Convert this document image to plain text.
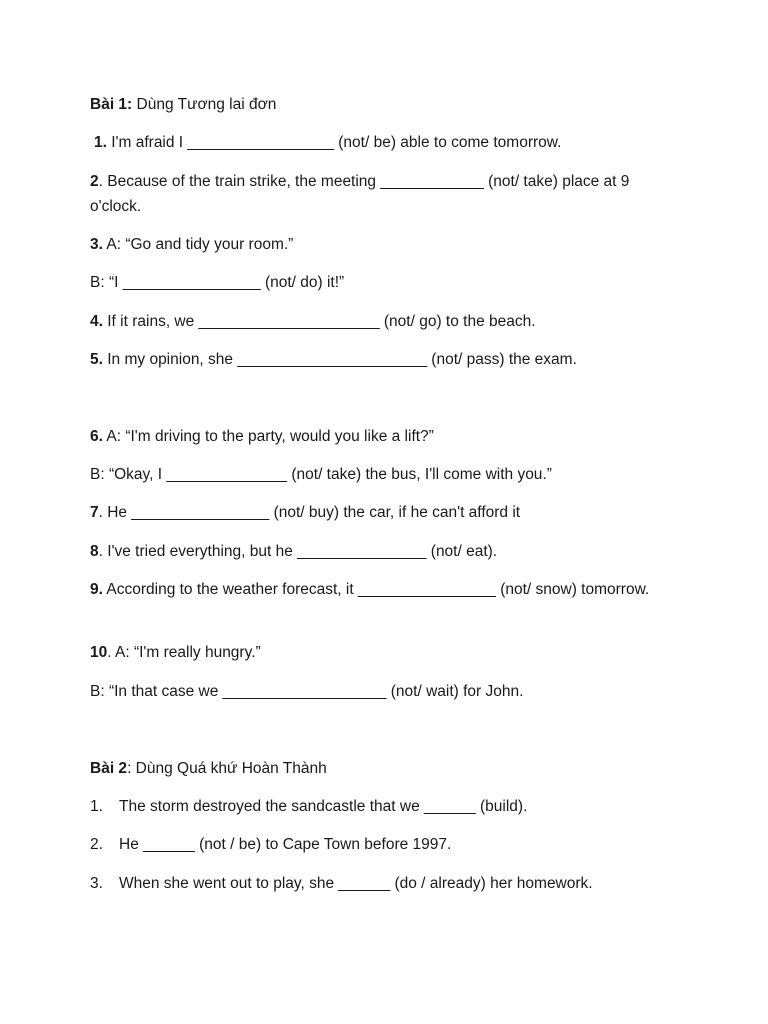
Bài 1: Dùng Tương lai đơn
1. I'm afraid I _________________ (not/ be) able to come tomorrow.
2. Because of the train strike, the meeting ____________ (not/ take) place at 9 o'clock.
3. A: “Go and tidy your room.”
B: “I ________________ (not/ do) it!”
4. If it rains, we _____________________ (not/ go) to the beach.
5. In my opinion, she ______________________ (not/ pass) the exam.
6. A: “I'm driving to the party, would you like a lift?”
B: “Okay, I ______________ (not/ take) the bus, I'll come with you.”
7. He ________________ (not/ buy) the car, if he can't afford it
8. I've tried everything, but he _______________ (not/ eat).
9. According to the weather forecast, it ________________ (not/ snow) tomorrow.
10. A: “I'm really hungry.”
B: “In that case we ___________________ (not/ wait) for John.
Bài 2: Dùng Quá khứ Hoàn Thành
1. The storm destroyed the sandcastle that we ______ (build).
2. He ______ (not / be) to Cape Town before 1997.
3. When she went out to play, she ______ (do / already) her homework.
